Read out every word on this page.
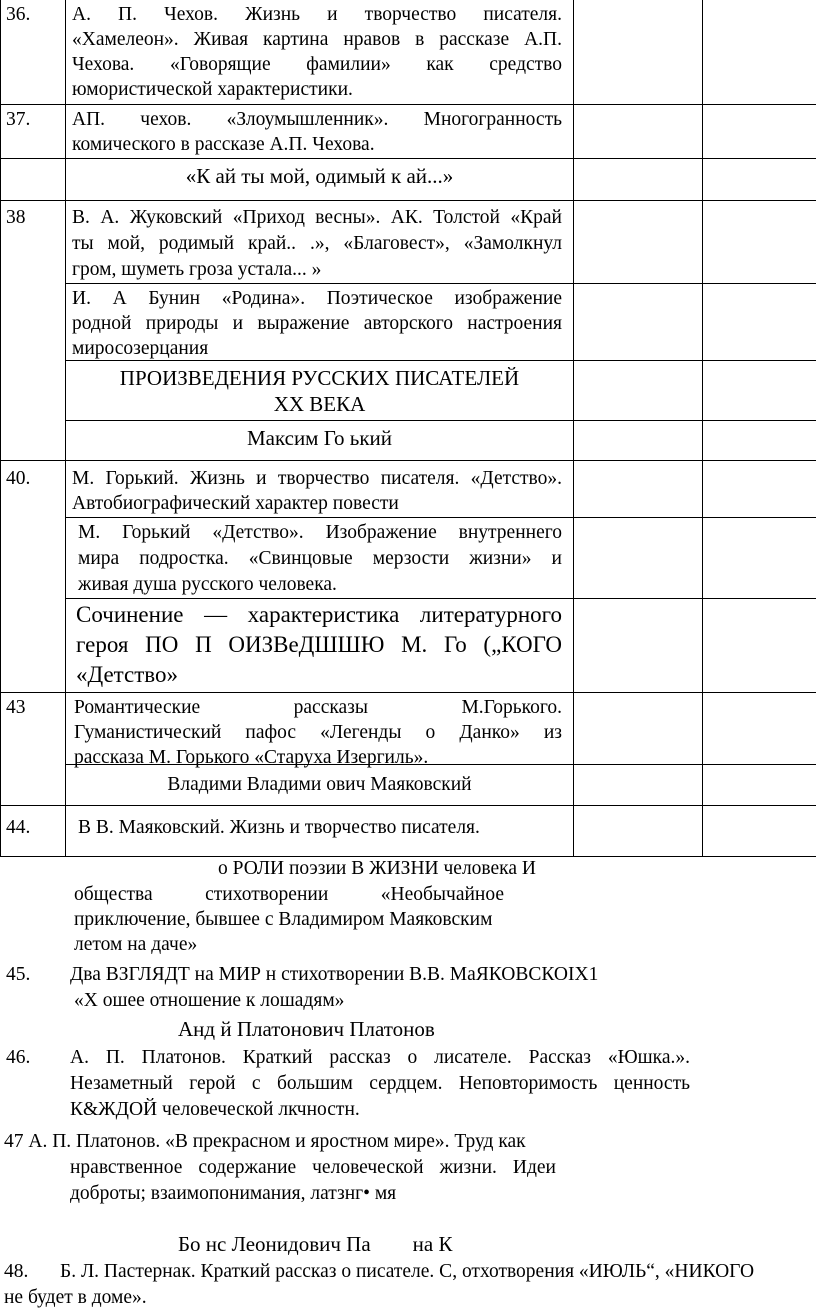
36. А. П. Чехов. Жизнь и творчество писателя.
«Хамелеон». Живая картина нравов в рассказе А.П.
Чехова. «Говорящие фамилии» как средство
юмористической характеристики.
37. АП. чехов. «Злоумышленник». Многогранность
комического в рассказе А.П. Чехова.
«К ай ты мой, одимый к ай...»
38 В. А. Жуковский «Приход весны». АК. Толстой «Край
ты мой, родимый край.. .», «Благовест», «Замолкнул
гром, шуметь гроза устала... »
И. А Бунин «Родина». Поэтическое изображение
родной природы и выражение авторского настроения
миросозерцания
ПРОИЗВЕДЕНИЯ РУССКИХ ПИСАТЕЛЕЙ
XX ВЕКА
Максим Го ький
40. М. Горький. Жизнь и творчество писателя. «Детство».
Автобиографический характер повести
М. Горький «Детство». Изображение внутреннего
мира подростка. «Свинцовые мерзости жизни» и
живая душа русского человека.
Сочинение — характеристика литературного
героя ПО П ОИЗВеДШШЮ М. Го („КОГО
«Детство»
43 Романтические рассказы М.Горького.
Гуманистический пафос «Легенды о Данко» из
рассказа М. Горького «Старуха Изергиль».
Владими Владими ович Маяковский
44. В В. Маяковский. Жизнь и творчество писателя.
о РОЛИ поэзии В ЖИЗНИ человека И
общества стихотворении «Необычайное
приключение, бывшее с Владимиром Маяковским
летом на даче»
45. Два ВЗГЛЯДТ на МИР н стихотворении В.В. МаЯКОВСКОIХ1
«Х ошее отношение к лошадям»
Анд й Платонович Платонов
46. А. П. Платонов. Краткий рассказ о лисателе. Рассказ «Юшка.».
Незаметный герой с большим сердцем. Неповторимость ценность
К&ЖДОЙ человеческой лкчностн.
47 А. П. Платонов. «В прекрасном и яростном мире». Труд как
нравственное содержание человеческой жизни. Идеи
доброты; взаимопонимания, латзнг• мя
Бо нс Леонидович Па        на К
48. Б. Л. Пастернак. Краткий рассказ о писателе. С, отхотворения «ИЮЛЬ“, «НИКОГО
не будет в доме».
